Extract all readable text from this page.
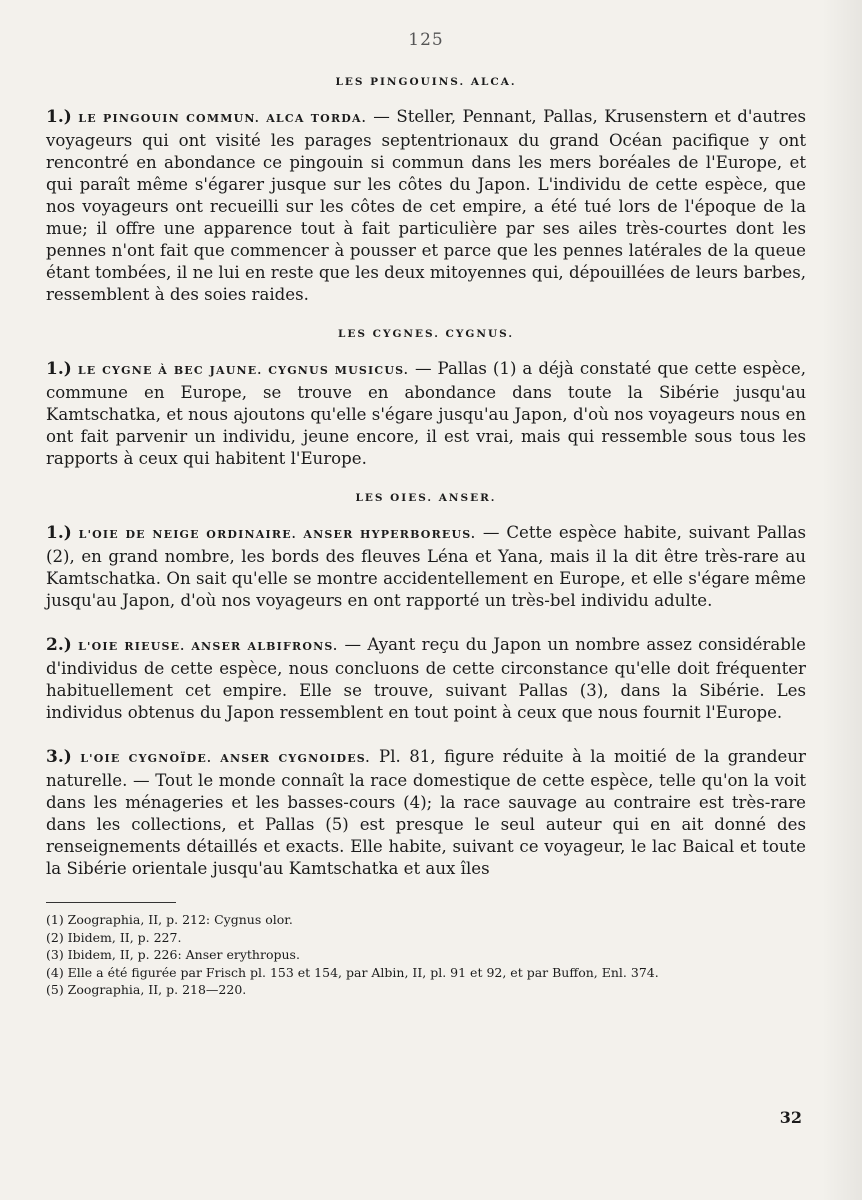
125
LES PINGOUINS. ALCA.

1.) LE PINGOUIN COMMUN. ALCA TORDA. — Steller, Pennant, Pallas, Krusenstern et d'autres voyageurs qui ont visité les parages septentrionaux du grand Océan pacifique y ont rencontré en abondance ce pingouin si commun dans les mers boréales de l'Europe, et qui paraît même s'égarer jusque sur les côtes du Japon. L'individu de cette espèce, que nos voyageurs ont recueilli sur les côtes de cet empire, a été tué lors de l'époque de la mue; il offre une apparence tout à fait particulière par ses ailes très-courtes dont les pennes n'ont fait que commencer à pousser et parce que les pennes latérales de la queue étant tombées, il ne lui en reste que les deux mitoyennes qui, dépouillées de leurs barbes, ressemblent à des soies raides.

LES CYGNES. CYGNUS.

1.) LE CYGNE À BEC JAUNE. CYGNUS MUSICUS. — Pallas (1) a déjà constaté que cette espèce, commune en Europe, se trouve en abondance dans toute la Sibérie jusqu'au Kamtschatka, et nous ajoutons qu'elle s'égare jusqu'au Japon, d'où nos voyageurs nous en ont fait parvenir un individu, jeune encore, il est vrai, mais qui ressemble sous tous les rapports à ceux qui habitent l'Europe.

LES OIES. ANSER.

1.) L'OIE DE NEIGE ORDINAIRE. ANSER HYPERBOREUS. — Cette espèce habite, suivant Pallas (2), en grand nombre, les bords des fleuves Léna et Yana, mais il la dit être très-rare au Kamtschatka. On sait qu'elle se montre accidentellement en Europe, et elle s'égare même jusqu'au Japon, d'où nos voyageurs en ont rapporté un très-bel individu adulte.

2.) L'OIE RIEUSE. ANSER ALBIFRONS. — Ayant reçu du Japon un nombre assez considérable d'individus de cette espèce, nous concluons de cette circonstance qu'elle doit fréquenter habituellement cet empire. Elle se trouve, suivant Pallas (3), dans la Sibérie. Les individus obtenus du Japon ressemblent en tout point à ceux que nous fournit l'Europe.

3.) L'OIE CYGNOÏDE. ANSER CYGNOIDES. Pl. 81, figure réduite à la moitié de la grandeur naturelle. — Tout le monde connaît la race domestique de cette espèce, telle qu'on la voit dans les ménageries et les basses-cours (4); la race sauvage au contraire est très-rare dans les collections, et Pallas (5) est presque le seul auteur qui en ait donné des renseignements détaillés et exacts. Elle habite, suivant ce voyageur, le lac Baical et toute la Sibérie orientale jusqu'au Kamtschatka et aux îles

(1) Zoographia, II, p. 212: Cygnus olor.

(2) Ibidem, II, p. 227.

(3) Ibidem, II, p. 226: Anser erythropus.

(4) Elle a été figurée par Frisch pl. 153 et 154, par Albin, II, pl. 91 et 92, et par Buffon, Enl. 374.

(5) Zoographia, II, p. 218—220.

32
